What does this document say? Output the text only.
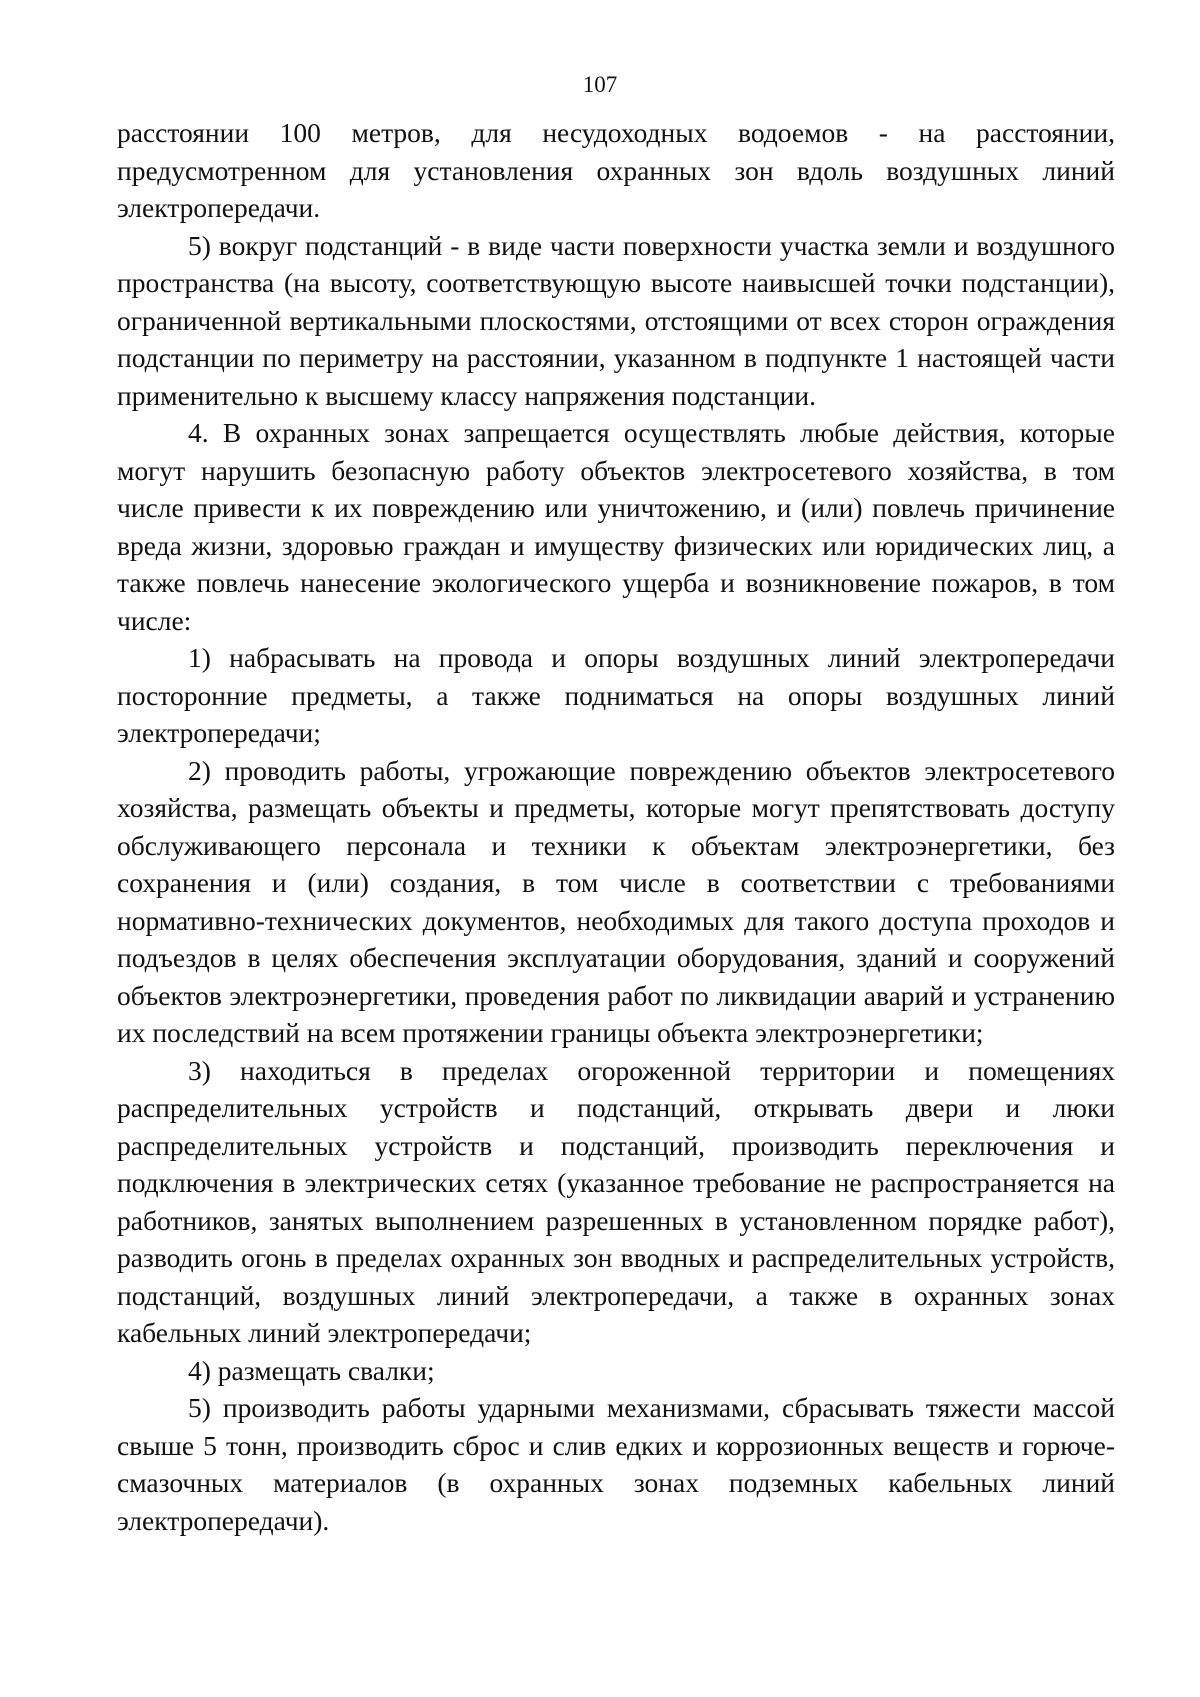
107

расстоянии 100 метров, для несудоходных водоемов - на расстоянии, предусмотренном для установления охранных зон вдоль воздушных линий электропередачи.

5) вокруг подстанций - в виде части поверхности участка земли и воздушного пространства (на высоту, соответствующую высоте наивысшей точки подстанции), ограниченной вертикальными плоскостями, отстоящими от всех сторон ограждения подстанции по периметру на расстоянии, указанном в подпункте 1 настоящей части применительно к высшему классу напряжения подстанции.

4. В охранных зонах запрещается осуществлять любые действия, которые могут нарушить безопасную работу объектов электросетевого хозяйства, в том числе привести к их повреждению или уничтожению, и (или) повлечь причинение вреда жизни, здоровью граждан и имуществу физических или юридических лиц, а также повлечь нанесение экологического ущерба и возникновение пожаров, в том числе:

1) набрасывать на провода и опоры воздушных линий электропередачи посторонние предметы, а также подниматься на опоры воздушных линий электропередачи;

2) проводить работы, угрожающие повреждению объектов электросетевого хозяйства, размещать объекты и предметы, которые могут препятствовать доступу обслуживающего персонала и техники к объектам электроэнергетики, без сохранения и (или) создания, в том числе в соответствии с требованиями нормативно-технических документов, необходимых для такого доступа проходов и подъездов в целях обеспечения эксплуатации оборудования, зданий и сооружений объектов электроэнергетики, проведения работ по ликвидации аварий и устранению их последствий на всем протяжении границы объекта электроэнергетики;

3) находиться в пределах огороженной территории и помещениях распределительных устройств и подстанций, открывать двери и люки распределительных устройств и подстанций, производить переключения и подключения в электрических сетях (указанное требование не распространяется на работников, занятых выполнением разрешенных в установленном порядке работ), разводить огонь в пределах охранных зон вводных и распределительных устройств, подстанций, воздушных линий электропередачи, а также в охранных зонах кабельных линий электропередачи;

4) размещать свалки;

5) производить работы ударными механизмами, сбрасывать тяжести массой свыше 5 тонн, производить сброс и слив едких и коррозионных веществ и горюче-смазочных материалов (в охранных зонах подземных кабельных линий электропередачи).
